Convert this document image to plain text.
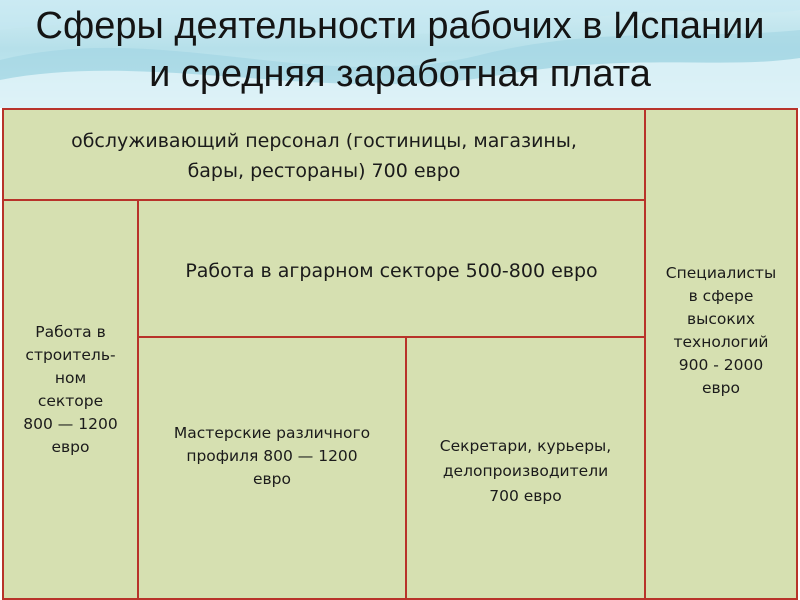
Сферы деятельности рабочих в Испании
и средняя заработная плата
обслуживающий персонал (гостиницы, магазины,
бары, рестораны) 700 евро
Работа в
строитель-
ном
секторе
800 — 1200
евро
Работа в аграрном секторе 500-800 евро
Мастерские различного
профиля 800 — 1200
евро
Секретари, курьеры,
делопроизводители
700 евро
Специалисты
в сфере
высоких
технологий
900 - 2000
евро
